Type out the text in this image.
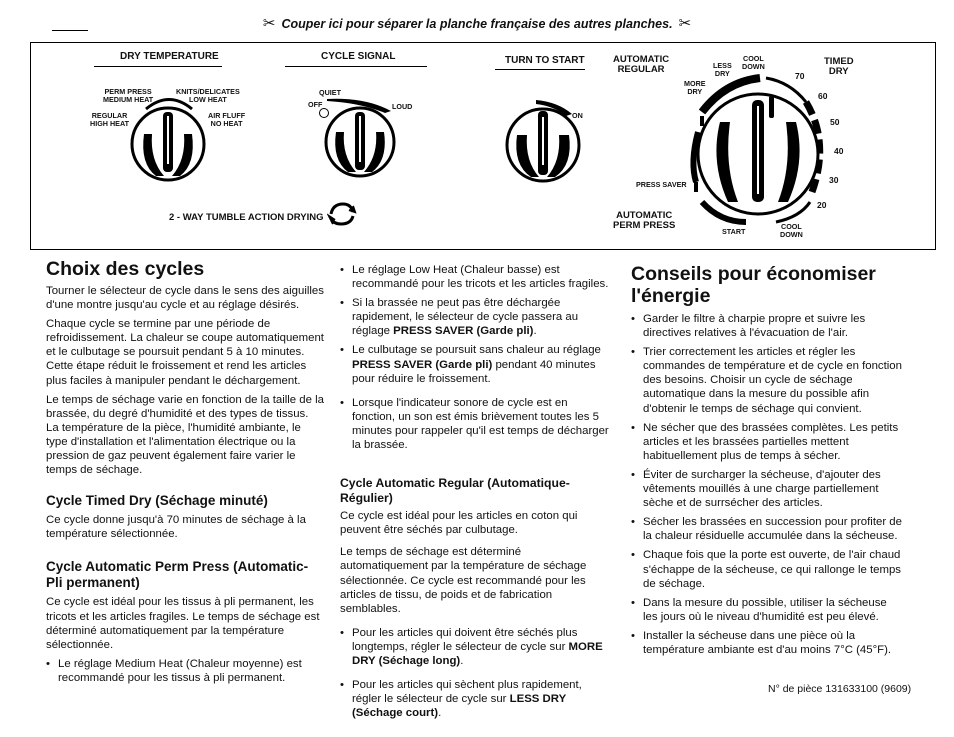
✂ Couper ici pour séparer la planche française des autres planches. ✂
DRY TEMPERATURE
PERM PRESS
MEDIUM HEAT
KNITS/DELICATES
LOW HEAT
REGULAR
HIGH HEAT
AIR FLUFF
NO HEAT
CYCLE SIGNAL
QUIET
OFF	LOUD
TURN TO START
ON
AUTOMATIC
REGULAR	LESS
DRY
COOL
DOWN
MORE
DRY
TIMED
DRY
70
60
50
40
30
20
PRESS SAVER
AUTOMATIC
PERM PRESS
START
COOL
DOWN
2 - WAY TUMBLE ACTION DRYING
Choix des cycles

Tourner le sélecteur de cycle dans le sens des aiguilles d'une montre jusqu'au cycle et au réglage désirés.

Chaque cycle se termine par une période de refroidissement. La chaleur se coupe automatiquement et le culbutage se poursuit pendant 5 à 10 minutes. Cette étape réduit le froissement et rend les articles plus faciles à manipuler pendant le déchargement.

Le temps de séchage varie en fonction de la taille de la brassée, du degré d'humidité et des types de tissus. La température de la pièce, l'humidité ambiante, le type d'installation et l'alimentation électrique ou la pression de gaz peuvent également faire varier le temps de séchage.

Cycle Timed Dry (Séchage minuté)

Ce cycle donne jusqu'à 70 minutes de séchage à la température sélectionnée.

Cycle Automatic Perm Press (Automatic-Pli permanent)

Ce cycle est idéal pour les tissus à pli permanent, les tricots et les articles fragiles. Le temps de séchage est déterminé automatiquement par la température sélectionnée.

• Le réglage Medium Heat (Chaleur moyenne) est recommandé pour les tissus à pli permanent.
• Le réglage Low Heat (Chaleur basse) est recommandé pour les tricots et les articles fragiles.
• Si la brassée ne peut pas être déchargée rapidement, le sélecteur de cycle passera au réglage PRESS SAVER (Garde pli).
• Le culbutage se poursuit sans chaleur au réglage PRESS SAVER (Garde pli) pendant 40 minutes pour réduire le froissement.
• Lorsque l'indicateur sonore de cycle est en fonction, un son est émis brièvement toutes les 5 minutes pour rappeler qu'il est temps de décharger la brassée.
Cycle Automatic Regular (Automatique-Régulier)

Ce cycle est idéal pour les articles en coton qui peuvent être séchés par culbutage.

Le temps de séchage est déterminé automatiquement par la température de séchage sélectionnée. Ce cycle est recommandé pour les articles de tissu, de poids et de fabrication semblables.

• Pour les articles qui doivent être séchés plus longtemps, régler le sélecteur de cycle sur MORE DRY (Séchage long).
• Pour les articles qui sèchent plus rapidement, régler le sélecteur de cycle sur LESS DRY (Séchage court).
Conseils pour économiser l'énergie
• Garder le filtre à charpie propre et suivre les directives relatives à l'évacuation de l'air.
• Trier correctement les articles et régler les commandes de température et de cycle en fonction des besoins. Choisir un cycle de séchage automatique dans la mesure du possible afin d'obtenir le temps de séchage qui convient.
• Ne sécher que des brassées complètes. Les petits articles et les brassées partielles mettent habituellement plus de temps à sécher.
• Éviter de surcharger la sécheuse, d'ajouter des vêtements mouillés à une charge partiellement sèche et de surrsécher des articles.
• Sécher les brassées en succession pour profiter de la chaleur résiduelle accumulée dans la sécheuse.
• Chaque fois que la porte est ouverte, de l'air chaud s'échappe de la sécheuse, ce qui rallonge le temps de séchage.
• Dans la mesure du possible, utiliser la sécheuse les jours où le niveau d'humidité est peu élevé.
• Installer la sécheuse dans une pièce où la température ambiante est d'au moins 7°C (45°F).
N° de pièce 131633100 (9609)
